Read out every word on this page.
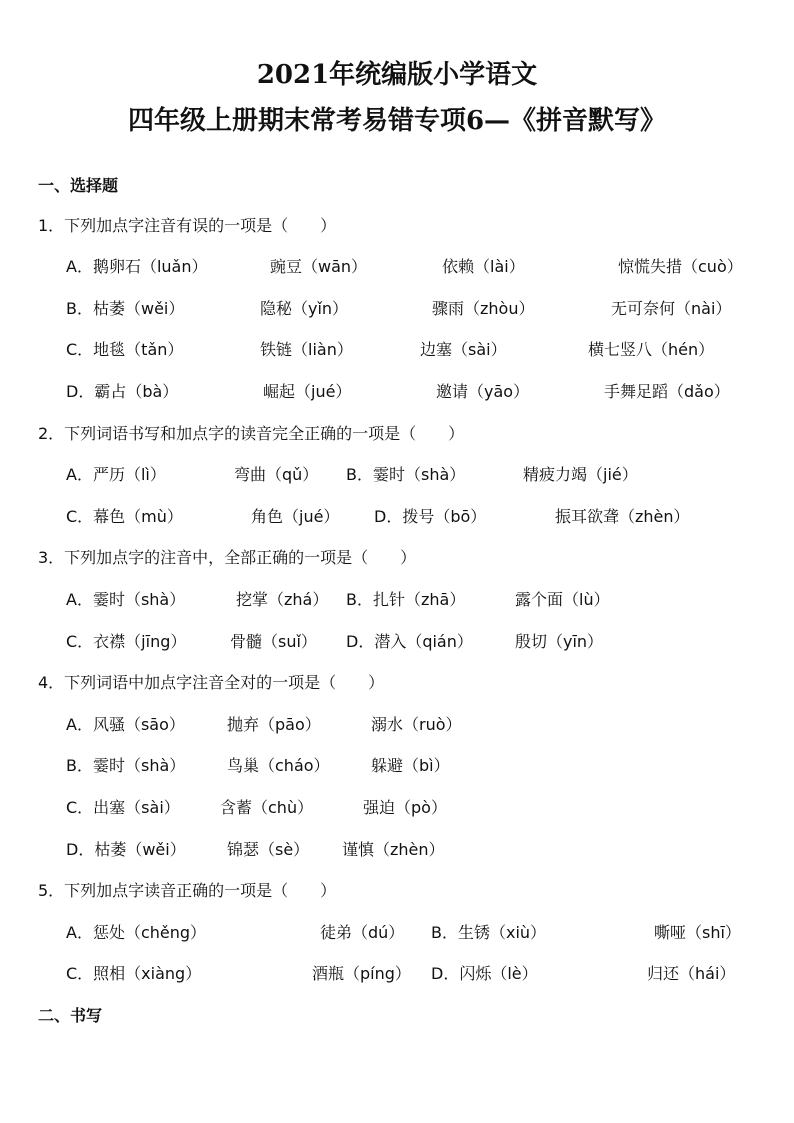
2021年统编版小学语文
四年级上册期末常考易错专项6—《拼音默写》
一、选择题
1．下列加点字注音有误的一项是（　　）
A．鹅卵石（luǎn）	豌豆（wān）	依赖（lài）	惊慌失措（cuò）
B．枯萎（wěi）	隐秘（yǐn）	骤雨（zhòu）	无可奈何（nài）
C．地毯（tǎn）	铁链（liàn）	边塞（sài）	横七竖八（hén）
D．霸占（bà）	崛起（jué）	邀请（yāo）	手舞足蹈（dǎo）
2．下列词语书写和加点字的读音完全正确的一项是（　　）
A．严历（lì）	弯曲（qǔ） B．霎时（shà）	精疲力竭（jié）
C．幕色（mù）	角色（jué） D．拨号（bō）	振耳欲聋（zhèn）
3．下列加点字的注音中，全部正确的一项是（　　）
A．霎时（shà）	挖掌（zhá） B．扎针（zhā）	露个面（lù）
C．衣襟（jīng）	骨髓（suǐ） D．潜入（qián）	殷切（yīn）
4．下列词语中加点字注音全对的一项是（　　）
A．风骚（sāo）	抛弃（pāo）	溺水（ruò）
B．霎时（shà）	鸟巢（cháo）	躲避（bì）
C．出塞（sài）	含蓄（chù）	强迫（pò）
D．枯萎（wěi）	锦瑟（sè） 谨慎（zhèn）
5．下列加点字读音正确的一项是（　　）
A．惩处（chěng）	徒弟（dú） B．生锈（xiù）	嘶哑（shī）
C．照相（xiàng）	酒瓶（píng） D．闪烁（lè）	归还（hái）
二、书写
